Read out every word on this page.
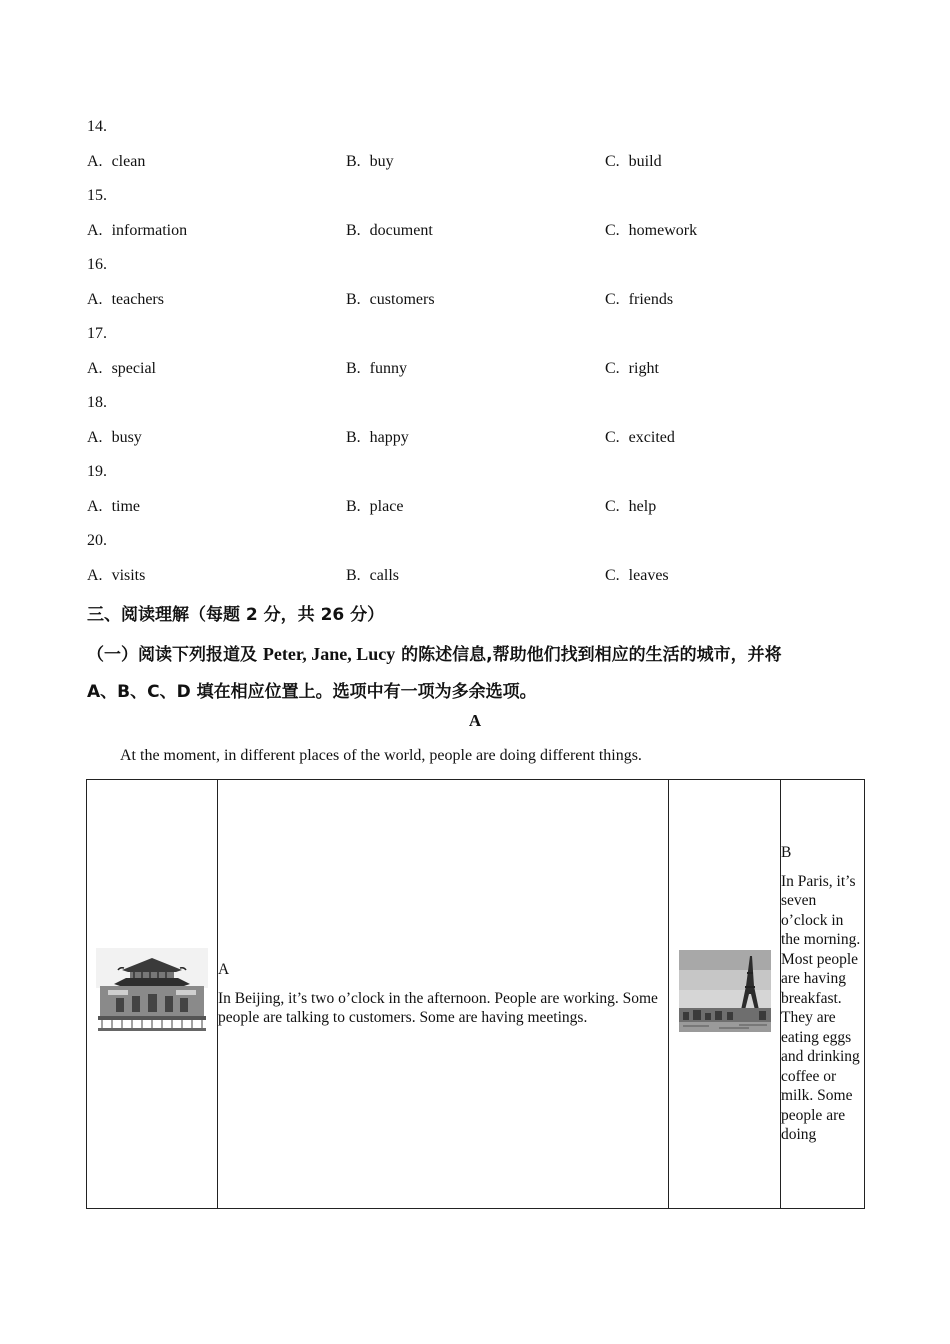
14.
A. clean	B. buy	C. build
15.
A. information	B. document	C. homework
16.
A. teachers	B. customers	C. friends
17.
A. special	B. funny	C. right
18.
A. busy	B. happy	C. excited
19.
A. time	B. place	C. help
20.
A. visits	B. calls	C. leaves
三、阅读理解（每题 2 分，共 26 分）
（一）阅读下列报道及 Peter, Jane, Lucy 的陈述信息,帮助他们找到相应的生活的城市，并将
A、B、C、D 填在相应位置上。选项中有一项为多余选项。
A
At the moment, in different places of the world, people are doing different things.

A
In Beijing, it’s two o’clock in the afternoon. People are working. Some people are talking to customers. Some are having meetings.

B
In Paris, it’s seven o’clock in the morning. Most people are having breakfast. They are eating eggs and drinking coffee or milk. Some people are doing
